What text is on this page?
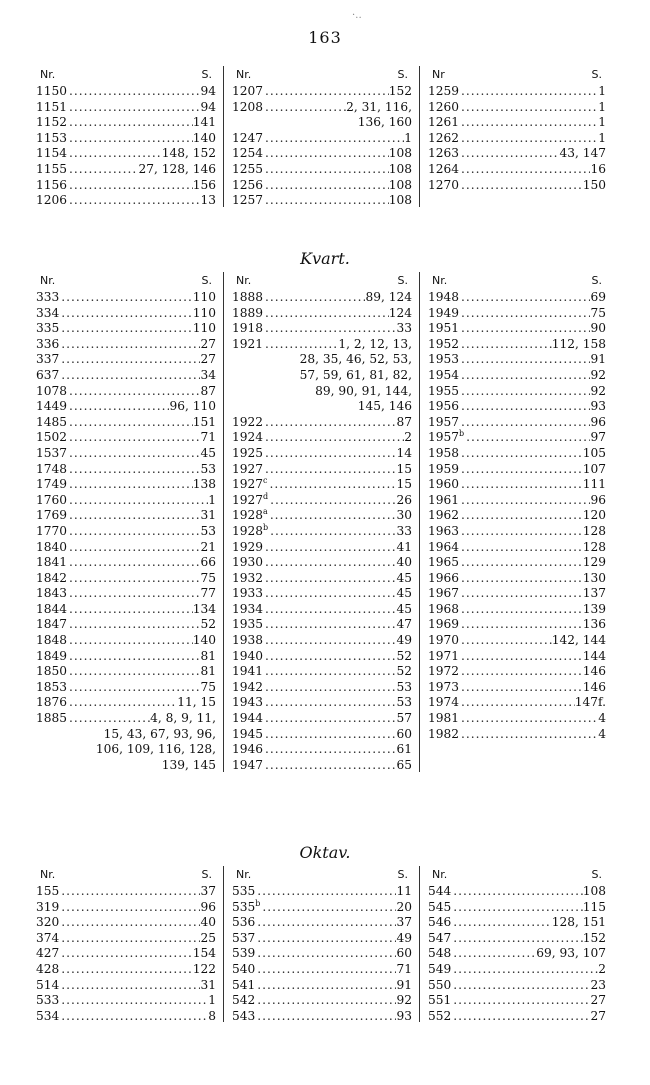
·‥
163
Nr.	S.
1150 .....	94
1151 .....	94
1152 .....	141
1153 .....	140
1154 .....	148, 152
1155 .....	27, 128, 146
1156 .....	156
1206 .....	13
Nr.	S.
1207 .....	152
1208 .....	2, 31, 116,
136, 160
1247 .....	1
1254 .....	108
1255 .....	108
1256 .....	108
1257 .....	108
Nr	S.
1259 .....	1
1260 .....	1
1261 .....	1
1262 .....	1
1263 .....	43, 147
1264 .....	16
1270 .....	150
Kvart.
Nr.	S.
333 .....	110
334 .....	110
335 .....	110
336 .....	27
337 .....	27
637 .....	34
1078 .....	87
1449 .....	96, 110
1485 .....	151
1502 .....	71
1537 .....	45
1748 .....	53
1749 .....	138
1760 .....	1
1769 .....	31
1770 .....	53
1840 .....	21
1841 .....	66
1842 .....	75
1843 .....	77
1844 .....	134
1847 .....	52
1848 .....	140
1849 .....	81
1850 .....	81
1853 .....	75
1876 .....	11, 15
1885 .....	4, 8, 9, 11,
15, 43, 67, 93, 96,
106, 109, 116, 128,
139, 145
Nr.	S.
1888 .....	89, 124
1889 .....	124
1918 .....	33
1921 .....	1, 2, 12, 13,
28, 35, 46, 52, 53,
57, 59, 61, 81, 82,
89, 90, 91, 144,
145, 146
1922 .....	87
1924 .....	2
1925 .....	14
1927 .....	15
1927$^c$ .....	15
1927$^d$ .....	26
1928$^a$ .....	30
1928$^b$ .....	33
1929 .....	41
1930 .....	40
1932 .....	45
1933 .....	45
1934 .....	45
1935 .....	47
1938 .....	49
1940 .....	52
1941 .....	52
1942 .....	53
1943 .....	53
1944 .....	57
1945 .....	60
1946 .....	61
1947 .....	65
Nr.	S.
1948 .....	69
1949 .....	75
1951 .....	90
1952 .....	112, 158
1953 .....	91
1954 .....	92
1955 .....	92
1956 .....	93
1957 .....	96
1957$^b$ .....	97
1958 .....	105
1959 .....	107
1960 .....	111
1961 .....	96
1962 .....	120
1963 .....	128
1964 .....	128
1965 .....	129
1966 .....	130
1967 .....	137
1968 .....	139
1969 .....	136
1970 .....	142, 144
1971 .....	144
1972 .....	146
1973 .....	146
1974 .....	147f.
1981 .....	4
1982 .....	4
Oktav.
Nr.	S.
155 .....	37
319 .....	96
320 .....	40
374 .....	25
427 .....	154
428 .....	122
514 .....	31
533 .....	1
534 .....	8
Nr.	S.
535 .....	11
535$^b$ .....	20
536 .....	37
537 .....	49
539 .....	60
540 .....	71
541 .....	91
542 .....	92
543 .....	93
Nr.	S.
544 .....	108
545 .....	115
546 .....	128, 151
547 .....	152
548 .....	69, 93, 107
549 .....	2
550 .....	23
551 .....	27
552 .....	27
